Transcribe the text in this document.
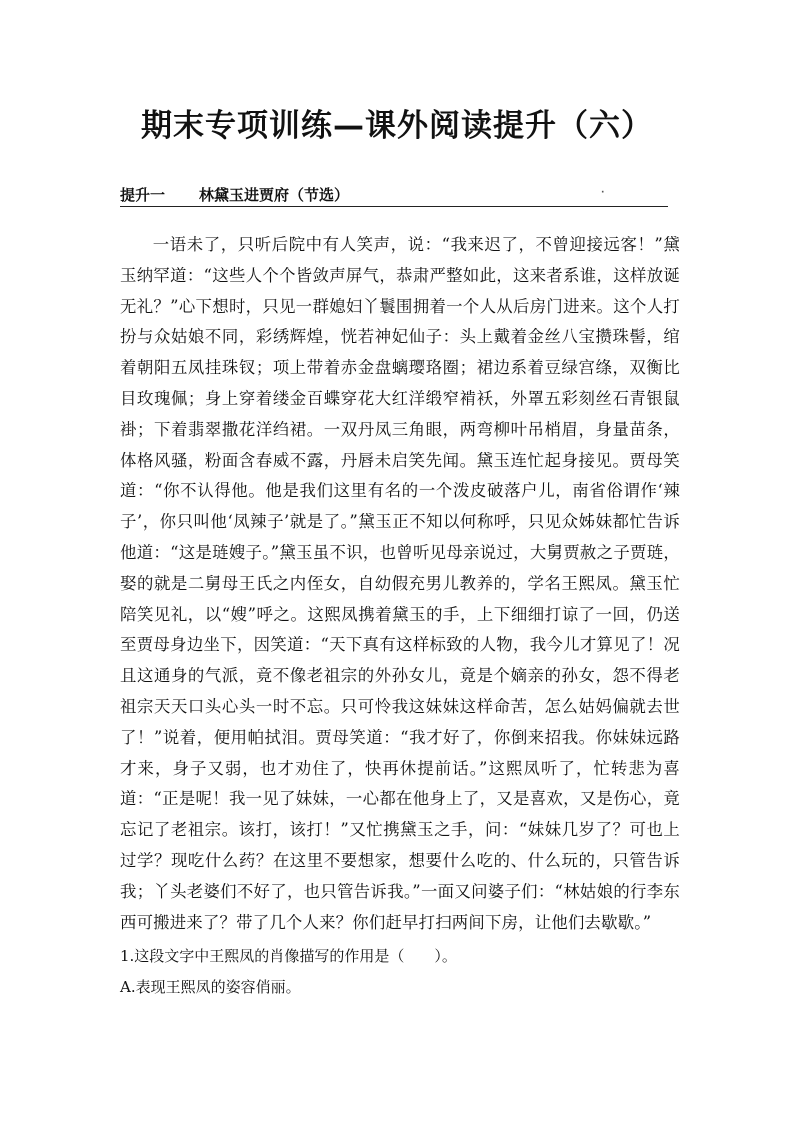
期末专项训练—课外阅读提升（六）
提升一 林黛玉进贾府（节选）	·

一语未了，只听后院中有人笑声，说：“我来迟了，不曾迎接远客！”黛玉纳罕道：“这些人个个皆敛声屏气，恭肃严整如此，这来者系谁，这样放诞无礼？”心下想时，只见一群媳妇丫鬟围拥着一个人从后房门进来。这个人打扮与众姑娘不同，彩绣辉煌，恍若神妃仙子：头上戴着金丝八宝攒珠髻，绾着朝阳五凤挂珠钗；项上带着赤金盘螭璎珞圈；裙边系着豆绿宫绦，双衡比目玫瑰佩；身上穿着缕金百蝶穿花大红洋缎窄褃袄，外罩五彩刻丝石青银鼠褂；下着翡翠撒花洋绉裙。一双丹凤三角眼，两弯柳叶吊梢眉，身量苗条，体格风骚，粉面含春威不露，丹唇未启笑先闻。黛玉连忙起身接见。贾母笑道：“你不认得他。他是我们这里有名的一个泼皮破落户儿，南省俗谓作‘辣子’，你只叫他‘凤辣子’就是了。”黛玉正不知以何称呼，只见众姊妹都忙告诉他道：“这是琏嫂子。”黛玉虽不识，也曾听见母亲说过，大舅贾赦之子贾琏，娶的就是二舅母王氏之内侄女，自幼假充男儿教养的，学名王熙凤。黛玉忙陪笑见礼，以“嫂”呼之。这熙凤携着黛玉的手，上下细细打谅了一回，仍送至贾母身边坐下，因笑道：“天下真有这样标致的人物，我今儿才算见了！况且这通身的气派，竟不像老祖宗的外孙女儿，竟是个嫡亲的孙女，怨不得老祖宗天天口头心头一时不忘。只可怜我这妹妹这样命苦，怎么姑妈偏就去世了！”说着，便用帕拭泪。贾母笑道：“我才好了，你倒来招我。你妹妹远路才来，身子又弱，也才劝住了，快再休提前话。”这熙凤听了，忙转悲为喜道：“正是呢！我一见了妹妹，一心都在他身上了，又是喜欢，又是伤心，竟忘记了老祖宗。该打，该打！”又忙携黛玉之手，问：“妹妹几岁了？可也上过学？现吃什么药？在这里不要想家，想要什么吃的、什么玩的，只管告诉我；丫头老婆们不好了，也只管告诉我。”一面又问婆子们：“林姑娘的行李东西可搬进来了？带了几个人来？你们赶早打扫两间下房，让他们去歇歇。”

1.这段文字中王熙凤的肖像描写的作用是（　　）。

A.表现王熙凤的姿容俏丽。
